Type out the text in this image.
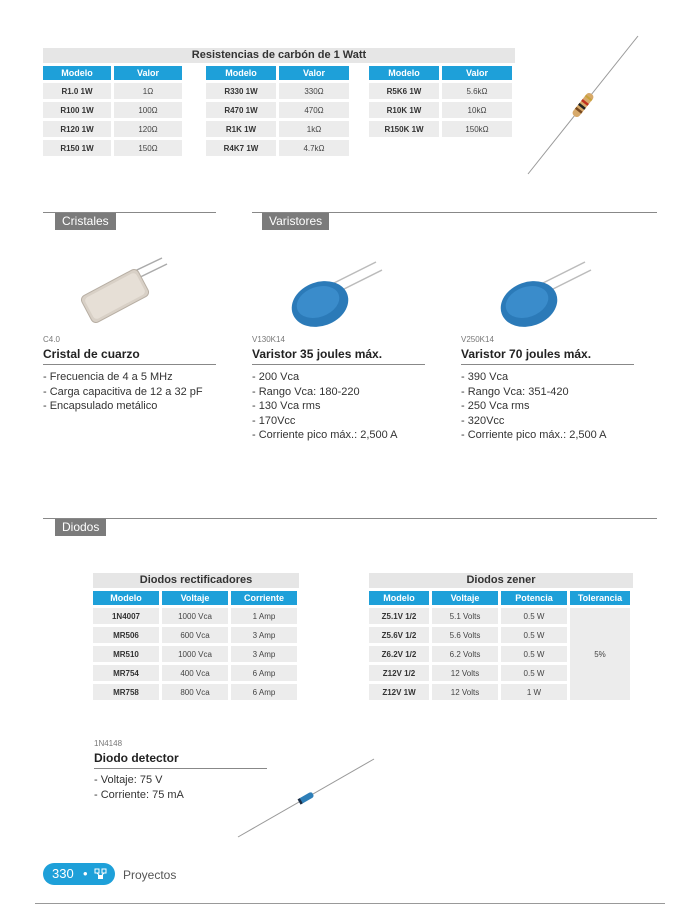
Resistencias de carbón de 1 Watt
Modelo	Valor
R1.0 1W	1Ω
R100 1W	100Ω
R120 1W	120Ω
R150 1W	150Ω
Modelo	Valor
R330 1W	330Ω
R470 1W	470Ω
R1K 1W	1kΩ
R4K7 1W	4.7kΩ
Modelo	Valor
R5K6 1W	5.6kΩ
R10K 1W	10kΩ
R150K 1W	150kΩ
Cristales	Varistores
C4.0
Cristal de cuarzo
- Frecuencia de 4 a 5 MHz
- Carga capacitiva de 12 a 32 pF
- Encapsulado metálico
V130K14
Varistor 35 joules máx.
- 200 Vca
- Rango Vca: 180-220
- 130 Vca rms
- 170Vcc
- Corriente pico máx.: 2,500 A
V250K14
Varistor 70 joules máx.
- 390 Vca
- Rango Vca: 351-420
- 250 Vca rms
- 320Vcc
- Corriente pico máx.: 2,500 A
Diodos
Diodos rectificadores
Modelo	Voltaje	Corriente
1N4007	1000 Vca	1 Amp
MR506	600 Vca	3 Amp
MR510	1000 Vca	3 Amp
MR754	400 Vca	6 Amp
MR758	800 Vca	6 Amp
Diodos zener
Modelo	Voltaje	Potencia	Tolerancia
Z5.1V 1/2	5.1 Volts	0.5 W	5%
Z5.6V 1/2	5.6 Volts	0.5 W	
Z6.2V 1/2	6.2 Volts	0.5 W	
Z12V 1/2	12 Volts	0.5 W	
Z12V 1W	12 Volts	1 W	
1N4148
Diodo detector
- Voltaje: 75 V
- Corriente: 75 mA
330 •	Proyectos
